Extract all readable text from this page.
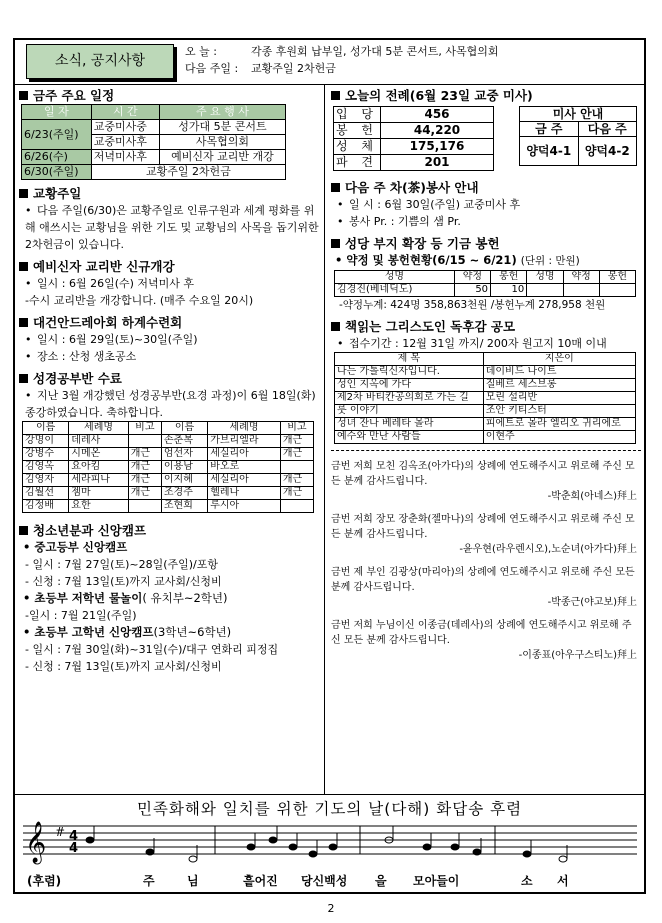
소식, 공지사항
오 늘 :	각종 후원회 납부일, 성가대 5분 콘서트, 사목협의회
다음 주일 : 교황주일 2차헌금
금주 주요 일정
일 자	시 간	주 요 행 사
6/23(주일)	교중미사중	성가대 5분 콘서트
	교중미사후	사목협의회
6/26(수)	저녁미사후	예비신자 교리반 개강
6/30(주일)	교황주일 2차헌금	
교황주일
• 다음 주일(6/30)은 교황주일로 인류구원과 세계 평화를 위해 애쓰시는 교황님을 위한 기도 및 교황님의 사목을 돕기위한 2차헌금이 있습니다.
예비신자 교리반 신규개강
• 일시 : 6월 26일(수) 저녁미사 후
-수시 교리반을 개강합니다. (매주 수요일 20시)
대건안드레아회 하계수련회
• 일시 : 6월 29일(토)~30일(주일)
• 장소 : 산청 생초공소
성경공부반 수료
• 지난 3월 개강했던 성경공부반(요경 과정)이 6월 18일(화) 종강하였습니다. 축하합니다.
이름	세례명	비고	이름	세례명	비고
강명이	데레사		손춘복	가브리엘라	개근
강병수	시메온	개근	엄선자	세실리아	개근
김영옥	요아킴	개근	이용남	바오로	
김영자	세라피나	개근	이지혜	세실리아	개근
김월선	젬마	개근	조경주	헬레나	개근
김정배	요한		조현희	루시아	
청소년분과 신앙캠프
• 중고등부 신앙캠프
- 일시 : 7월 27일(토)~28일(주일)/포항
- 신청 : 7월 13일(토)까지 교사회/신청비
• 초등부 저학년 물놀이( 유치부~2학년)
-일시 : 7월 21일(주일)
• 초등부 고학년 신앙캠프(3학년~6학년)
- 일시 : 7월 30일(화)~31일(수)/대구 연화리 피정집
- 신청 : 7월 13일(토)까지 교사회/신청비
오늘의 전례(6월 23일 교중 미사)
입 당	456
봉 헌	44,220
성 체	175,176
파 견	201
미사 안내	
금 주	다음 주
양덕4-1	양덕4-2
다음 주 차(茶)봉사 안내
• 일 시 : 6월 30일(주일) 교중미사 후
• 봉사 Pr. : 기쁨의 샘 Pr.
성당 부지 확장 등 기금 봉헌
• 약정 및 봉헌현황(6/15 ~ 6/21) (단위 : 만원)
성명	약정	봉헌	성명	약정	봉헌
김경진(베네딕도)	50	10			
-약정누계: 424명 358,863천원 /봉헌누계 278,958 천원
책읽는 그리스도인 독후감 공모
• 접수기간 : 12월 31일 까지/ 200자 원고지 10매 이내
제 목	지은이
나는 가톨릭신자입니다.	데이비드 나이트
성인 지옥에 가다	질베르 세스브롱
제2차 바티칸공의회로 가는 길	모린 설리반
룻 이야기	조안 키티스터
성녀 잔나 베레타 몰라	피에트로 몰라 엘리오 귀리에로
예수와 만난 사람들	이현주
금번 저희 모친 김옥조(아가다)의 상례에 연도해주시고 위로해 주신 모든 분께 감사드립니다.
-박춘희(아네스)拜上
금번 저희 장모 장춘화(젤마나)의 상례에 연도해주시고 위로해 주신 모든 분께 감사드립니다.
-윤우현(라우렌시오),노순녀(아가다)拜上
금번 제 부인 김광상(마리아)의 상례에 연도해주시고 위로해 주신 모든 분께 감사드립니다.
-박종근(야고보)拜上
금번 저희 누님이신 이종금(데레사)의 상례에 연도해주시고 위로해 주신 모든 분께 감사드립니다.
-이종표(아우구스티노)拜上
민족화해와 일치를 위한 기도의 날(다해) 화답송 후렴
𝄞 # 4
4
(후렴)	주	님	흩어진 당신백성 을 모아들이	소 서
2
